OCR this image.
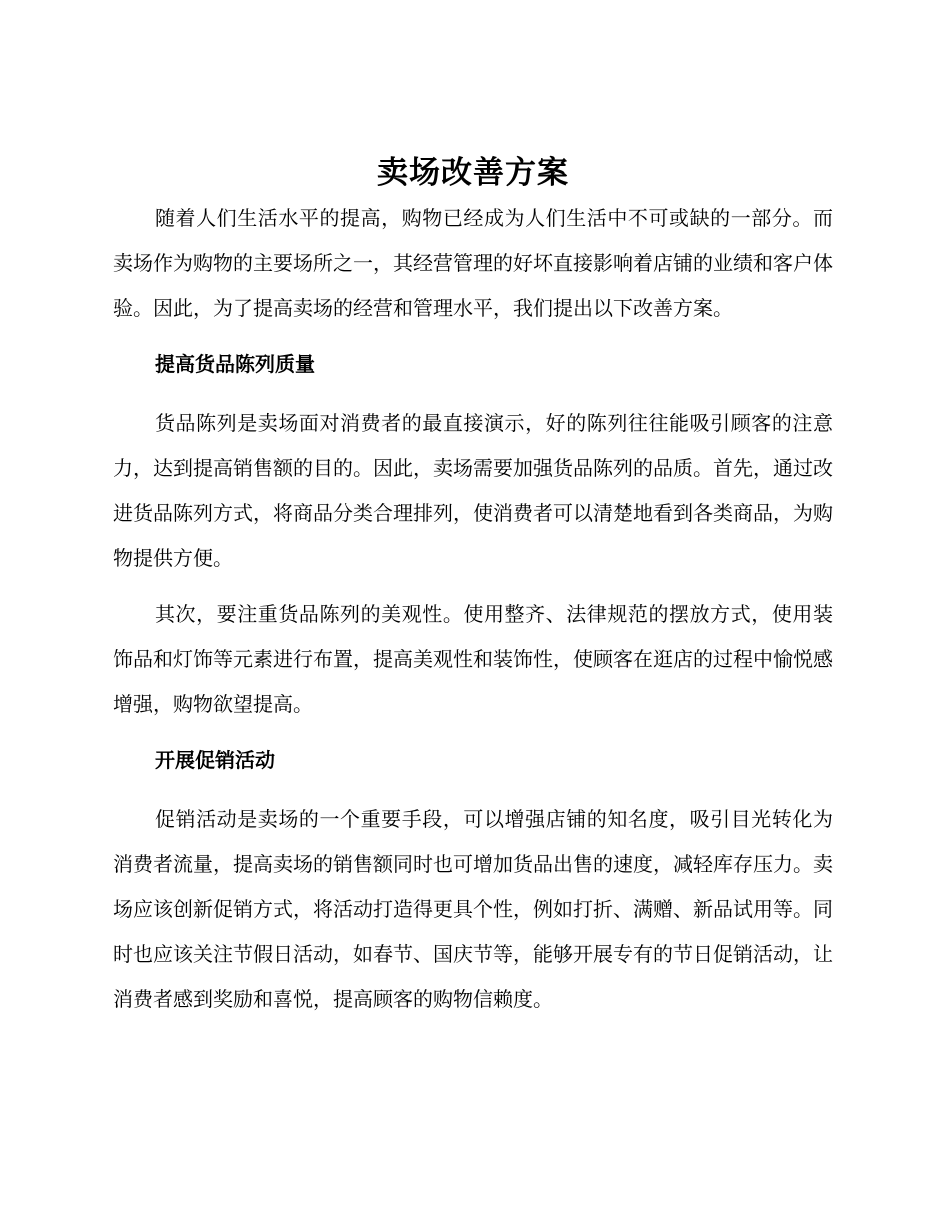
卖场改善方案

随着人们生活水平的提高，购物已经成为人们生活中不可或缺的一部分。而卖场作为购物的主要场所之一，其经营管理的好坏直接影响着店铺的业绩和客户体验。因此，为了提高卖场的经营和管理水平，我们提出以下改善方案。

提高货品陈列质量

货品陈列是卖场面对消费者的最直接演示，好的陈列往往能吸引顾客的注意力，达到提高销售额的目的。因此，卖场需要加强货品陈列的品质。首先，通过改进货品陈列方式，将商品分类合理排列，使消费者可以清楚地看到各类商品，为购物提供方便。

其次，要注重货品陈列的美观性。使用整齐、法律规范的摆放方式，使用装饰品和灯饰等元素进行布置，提高美观性和装饰性，使顾客在逛店的过程中愉悦感增强，购物欲望提高。

开展促销活动

促销活动是卖场的一个重要手段，可以增强店铺的知名度，吸引目光转化为消费者流量，提高卖场的销售额同时也可增加货品出售的速度，减轻库存压力。卖场应该创新促销方式，将活动打造得更具个性，例如打折、满赠、新品试用等。同时也应该关注节假日活动，如春节、国庆节等，能够开展专有的节日促销活动，让消费者感到奖励和喜悦，提高顾客的购物信赖度。
